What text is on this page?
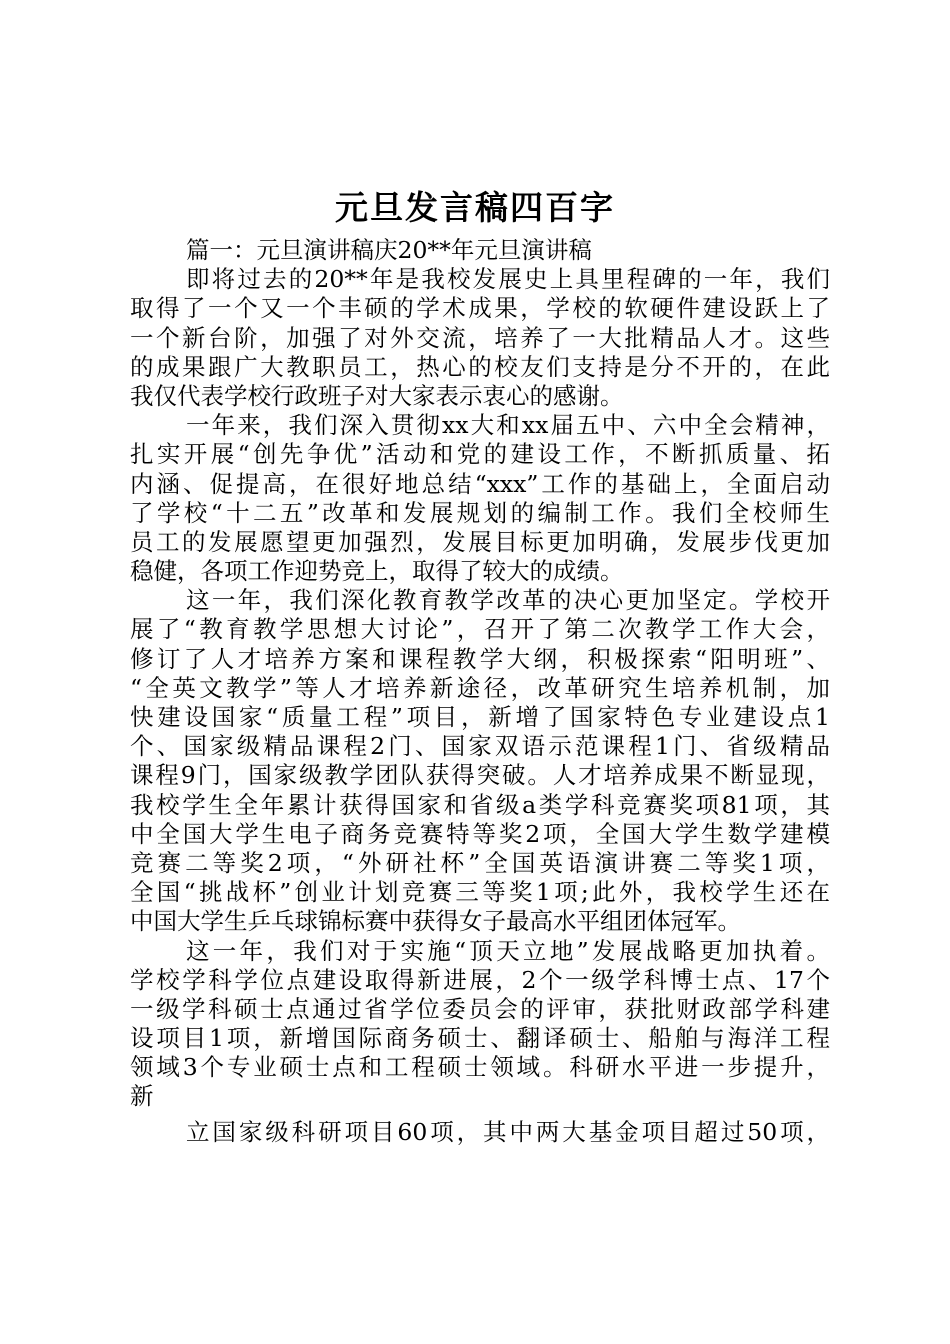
元旦发言稿四百字
篇一：元旦演讲稿庆20**年元旦演讲稿
即将过去的20**年是我校发展史上具里程碑的一年，我们
取得了一个又一个丰硕的学术成果，学校的软硬件建设跃上了
一个新台阶，加强了对外交流，培养了一大批精品人才。这些
的成果跟广大教职员工，热心的校友们支持是分不开的，在此
我仅代表学校行政班子对大家表示衷心的感谢。
一年来，我们深入贯彻xx大和xx届五中、六中全会精神，
扎实开展“创先争优”活动和党的建设工作，不断抓质量、拓
内涵、促提高，在很好地总结“xxx”工作的基础上，全面启动
了学校“十二五”改革和发展规划的编制工作。我们全校师生
员工的发展愿望更加强烈，发展目标更加明确，发展步伐更加
稳健，各项工作迎势竞上，取得了较大的成绩。
这一年，我们深化教育教学改革的决心更加坚定。学校开
展了“教育教学思想大讨论”，召开了第二次教学工作大会，
修订了人才培养方案和课程教学大纲，积极探索“阳明班”、
“全英文教学”等人才培养新途径，改革研究生培养机制，加
快建设国家“质量工程”项目，新增了国家特色专业建设点1
个、国家级精品课程2门、国家双语示范课程1门、省级精品
课程9门，国家级教学团队获得突破。人才培养成果不断显现，
我校学生全年累计获得国家和省级a类学科竞赛奖项81项，其
中全国大学生电子商务竞赛特等奖2项，全国大学生数学建模
竞赛二等奖2项，“外研社杯”全国英语演讲赛二等奖1项，
全国“挑战杯”创业计划竞赛三等奖1项;此外，我校学生还在
中国大学生乒乓球锦标赛中获得女子最高水平组团体冠军。
这一年，我们对于实施“顶天立地”发展战略更加执着。
学校学科学位点建设取得新进展，2个一级学科博士点、17个
一级学科硕士点通过省学位委员会的评审，获批财政部学科建
设项目1项，新增国际商务硕士、翻译硕士、船舶与海洋工程
领域3个专业硕士点和工程硕士领域。科研水平进一步提升，
新
立国家级科研项目60项，其中两大基金项目超过50项，
